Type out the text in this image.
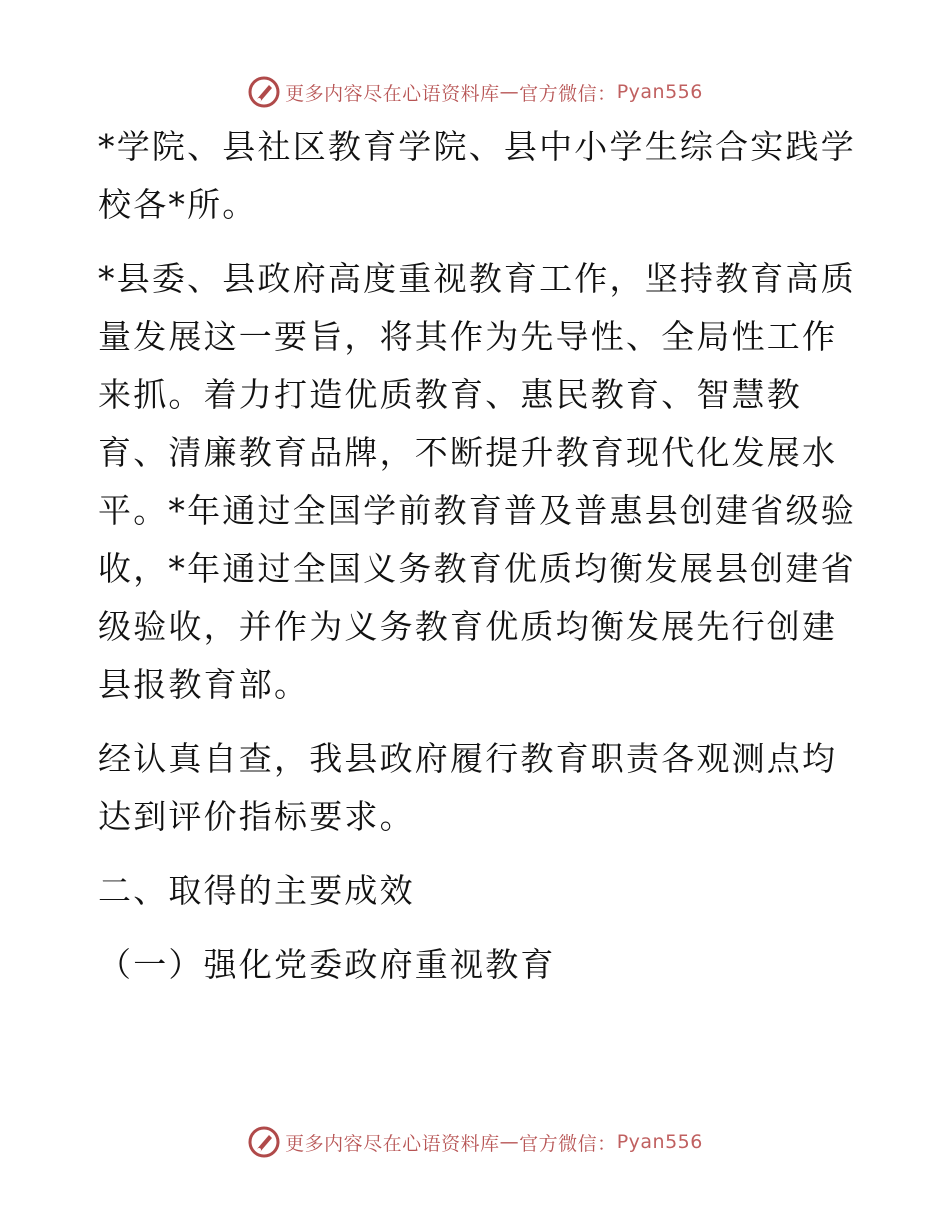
更多内容尽在心语资料库 — 官方微信： Pyan556

*学院、县社区教育学院、县中小学生综合实践学校各*所。

*县委、县政府高度重视教育工作，坚持教育高质量发展这一要旨，将其作为先导性、全局性工作来抓。着力打造优质教育、惠民教育、智慧教育、清廉教育品牌，不断提升教育现代化发展水平。*年通过全国学前教育普及普惠县创建省级验收，*年通过全国义务教育优质均衡发展县创建省级验收，并作为义务教育优质均衡发展先行创建县报教育部。

经认真自查，我县政府履行教育职责各观测点均达到评价指标要求。

二、取得的主要成效

（一）强化党委政府重视教育

更多内容尽在心语资料库 — 官方微信： Pyan556
